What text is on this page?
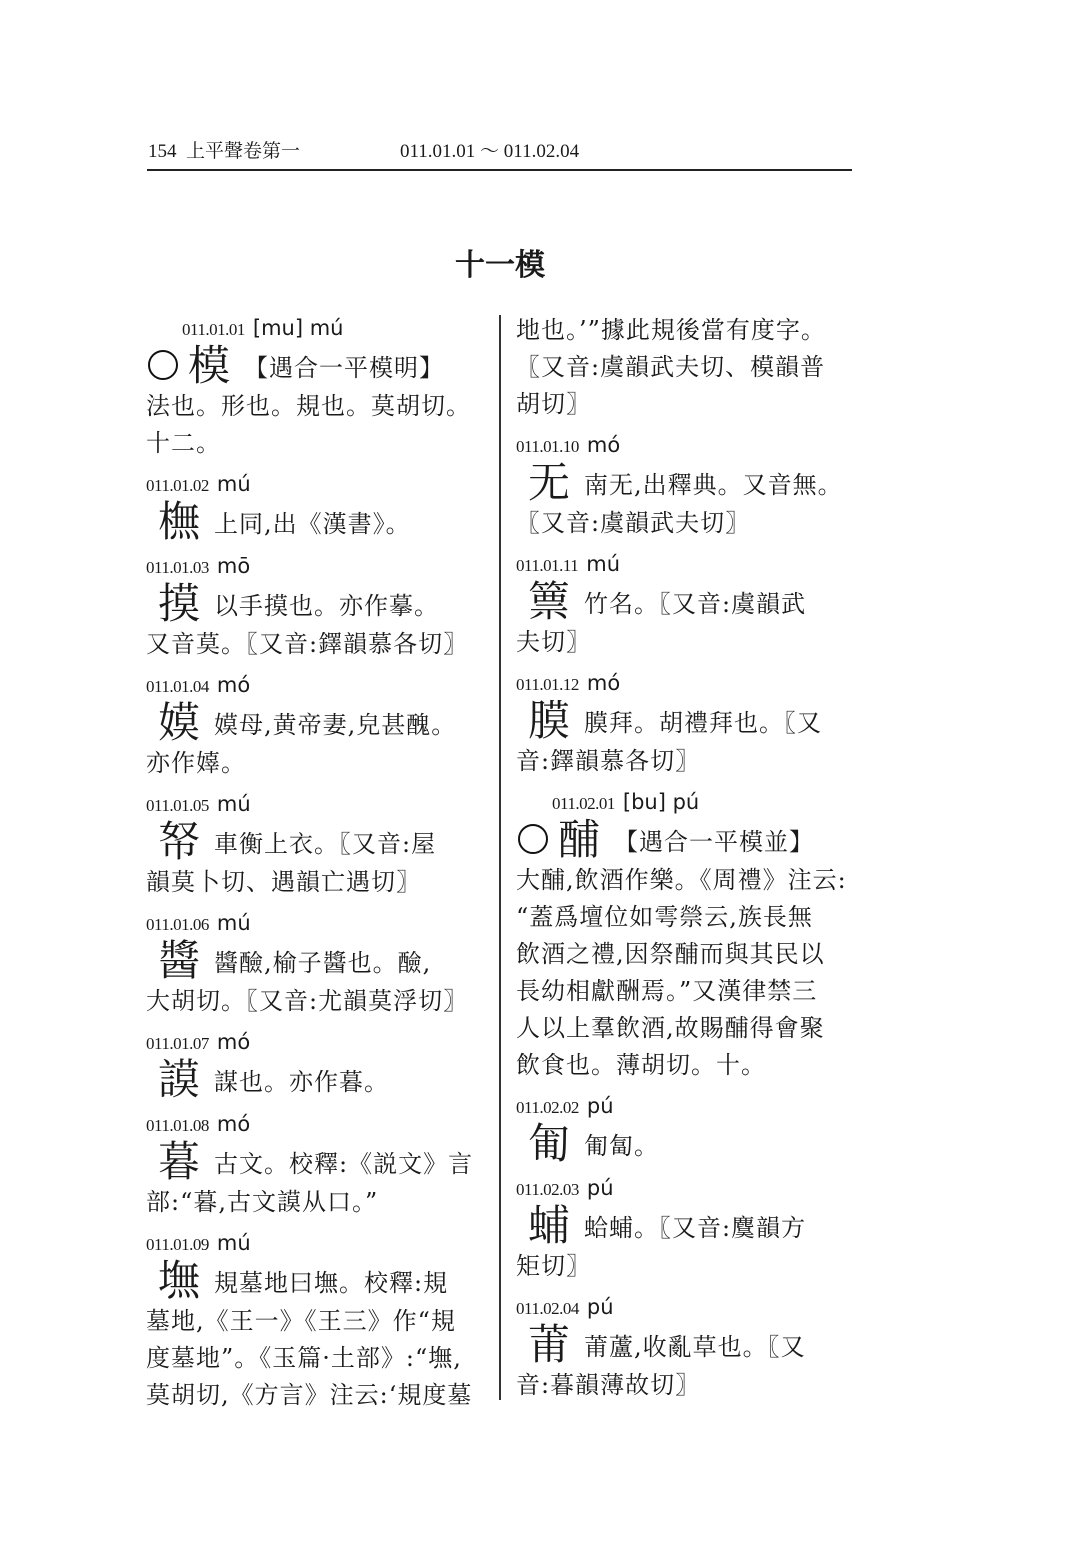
154  上平聲卷第一	011.01.01 ～ 011.02.04
十一模
011.01.01 [mu] mú
模 【遇合一平模明】
法也。形也。規也。莫胡切。
十二。
011.01.02 mú
橅 上同,出《漢書》。
011.01.03 mō
摸 以手摸也。亦作摹。
又音莫。〖又音:鐸韻慕各切〗
011.01.04 mó
嫫 嫫母,黄帝妻,皃甚醜。
亦作嫴。
011.01.05 mú
帑 車衡上衣。〖又音:屋
韻莫卜切、遇韻亡遇切〗
011.01.06 mú
醬 醬醶,榆子醬也。醶,
大胡切。〖又音:尤韻莫浮切〗
011.01.07 mó
謨 謀也。亦作暮。
011.01.08 mó
暮 古文。校釋:《説文》言
部:“暮,古文謨从口。”
011.01.09 mú
墲 規墓地曰墲。校釋:規
墓地,《王一》《王三》作“規
度墓地”。《玉篇·土部》:“墲,
莫胡切,《方言》注云:‘規度墓
地也。’”據此規後當有度字。
〖又音:虞韻武夫切、模韻普
胡切〗
011.01.10 mó
无 南无,出釋典。又音無。
〖又音:虞韻武夫切〗
011.01.11 mú
篻 竹名。〖又音:虞韻武
夫切〗
011.01.12 mó
膜 膜拜。胡禮拜也。〖又
音:鐸韻慕各切〗
011.02.01 [bu] pú
酺 【遇合一平模並】
大酺,飲酒作樂。《周禮》注云:
“蓋爲壇位如雩禜云,族長無
飲酒之禮,因祭酺而與其民以
長幼相獻酬焉。”又漢律禁三
人以上羣飲酒,故賜酺得會聚
飲食也。薄胡切。十。
011.02.02 pú
匍 匍匐。
011.02.03 pú
蜅 蛤蜅。〖又音:麌韻方
矩切〗
011.02.04 pú
莆 莆蘆,收亂草也。〖又
音:暮韻薄故切〗
